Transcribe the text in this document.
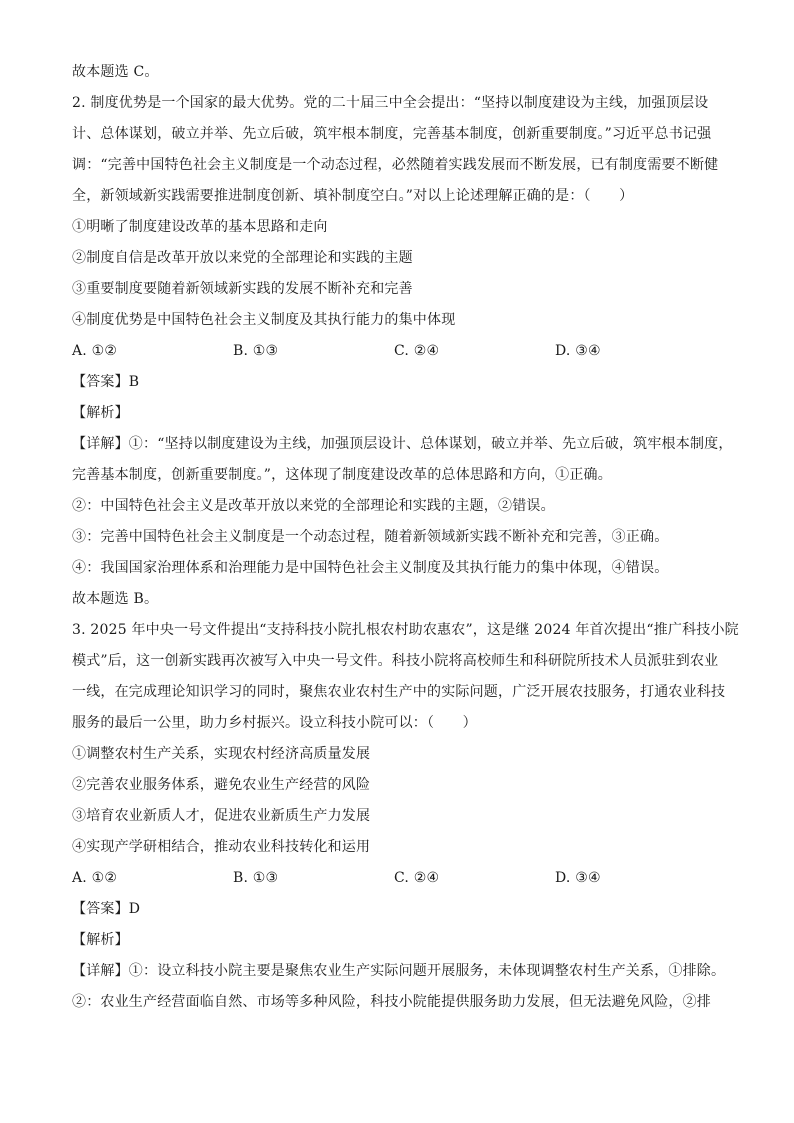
故本题选 C。
2. 制度优势是一个国家的最大优势。党的二十届三中全会提出：“坚持以制度建设为主线，加强顶层设
计、总体谋划，破立并举、先立后破，筑牢根本制度，完善基本制度，创新重要制度。”习近平总书记强
调：“完善中国特色社会主义制度是一个动态过程，必然随着实践发展而不断发展，已有制度需要不断健
全，新领域新实践需要推进制度创新、填补制度空白。”对以上论述理解正确的是：（　　）
①明晰了制度建设改革的基本思路和走向
②制度自信是改革开放以来党的全部理论和实践的主题
③重要制度要随着新领域新实践的发展不断补充和完善
④制度优势是中国特色社会主义制度及其执行能力的集中体现
A. ①②	B. ①③	C. ②④	D. ③④
【答案】B
【解析】
【详解】①：“坚持以制度建设为主线，加强顶层设计、总体谋划，破立并举、先立后破，筑牢根本制度，
完善基本制度，创新重要制度。”，这体现了制度建设改革的总体思路和方向，①正确。
②：中国特色社会主义是改革开放以来党的全部理论和实践的主题，②错误。
③：完善中国特色社会主义制度是一个动态过程，随着新领域新实践不断补充和完善，③正确。
④：我国国家治理体系和治理能力是中国特色社会主义制度及其执行能力的集中体现，④错误。
故本题选 B。
3. 2025 年中央一号文件提出“支持科技小院扎根农村助农惠农”，这是继 2024 年首次提出“推广科技小院
模式”后，这一创新实践再次被写入中央一号文件。科技小院将高校师生和科研院所技术人员派驻到农业
一线，在完成理论知识学习的同时，聚焦农业农村生产中的实际问题，广泛开展农技服务，打通农业科技
服务的最后一公里，助力乡村振兴。设立科技小院可以：（　　）
①调整农村生产关系，实现农村经济高质量发展
②完善农业服务体系，避免农业生产经营的风险
③培育农业新质人才，促进农业新质生产力发展
④实现产学研相结合，推动农业科技转化和运用
A. ①②	B. ①③	C. ②④	D. ③④
【答案】D
【解析】
【详解】①：设立科技小院主要是聚焦农业生产实际问题开展服务，未体现调整农村生产关系，①排除。
②：农业生产经营面临自然、市场等多种风险，科技小院能提供服务助力发展，但无法避免风险，②排
